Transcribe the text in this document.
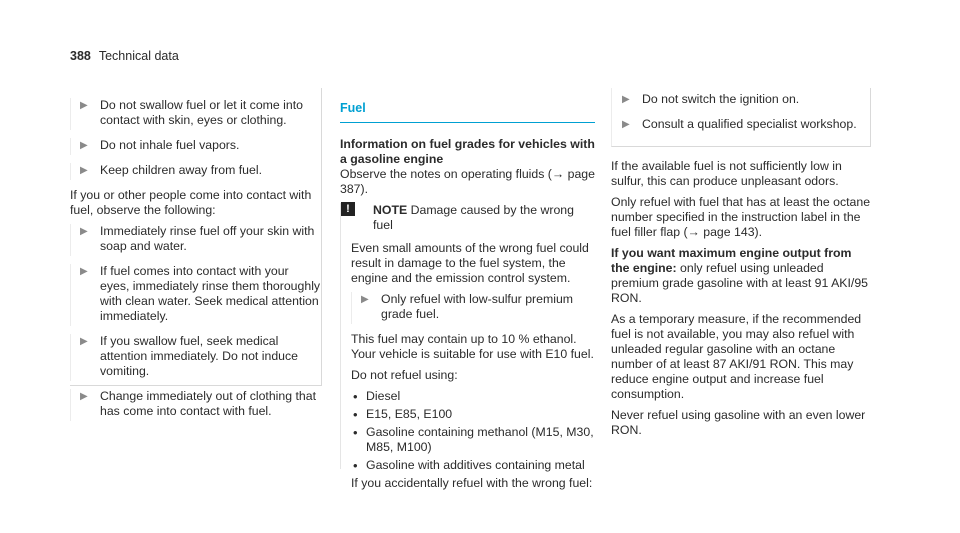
388 Technical data
▶ Do not swallow fuel or let it come into contact with skin, eyes or clothing.
▶ Do not inhale fuel vapors.
▶ Keep children away from fuel.

If you or other people come into contact with fuel, observe the following:

▶ Immediately rinse fuel off your skin with soap and water.
▶ If fuel comes into contact with your eyes, immediately rinse them thoroughly with clean water. Seek medical attention immediately.
▶ If you swallow fuel, seek medical attention immediately. Do not induce vomiting.
▶ Change immediately out of clothing that has come into contact with fuel.
Fuel
Information on fuel grades for vehicles with a gasoline engine
Observe the notes on operating fluids (→ page 387).
!	NOTE Damage caused by the wrong fuel

Even small amounts of the wrong fuel could result in damage to the fuel system, the engine and the emission control system.

▶ Only refuel with low-sulfur premium grade fuel.

This fuel may contain up to 10 % ethanol. Your vehicle is suitable for use with E10 fuel.

Do not refuel using:

• Diesel
• E15, E85, E100
• Gasoline containing methanol (M15, M30, M85, M100)
• Gasoline with additives containing metal

If you accidentally refuel with the wrong fuel:

▶ Do not switch the ignition on.
▶ Consult a qualified specialist workshop.

If the available fuel is not sufficiently low in sulfur, this can produce unpleasant odors.

Only refuel with fuel that has at least the octane number specified in the instruction label in the fuel filler flap (→ page 143).

If you want maximum engine output from the engine: only refuel using unleaded premium grade gasoline with at least 91 AKI/95 RON.

As a temporary measure, if the recommended fuel is not available, you may also refuel with unleaded regular gasoline with an octane number of at least 87 AKI/91 RON. This may reduce engine output and increase fuel consumption.

Never refuel using gasoline with an even lower RON.
